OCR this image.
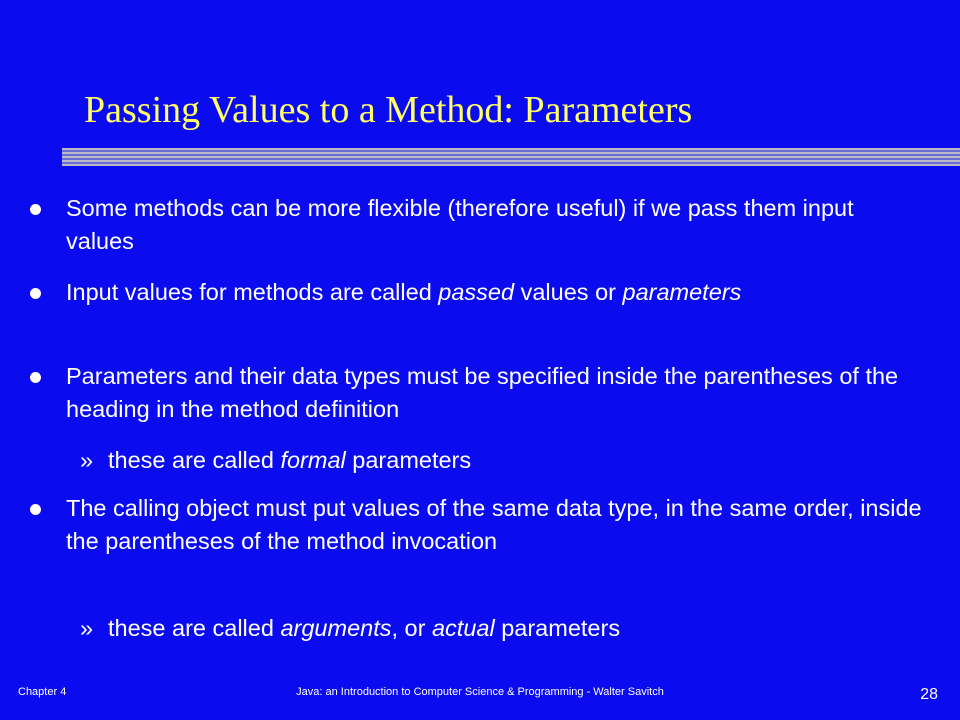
Passing Values to a Method: Parameters
Some methods can be more flexible (therefore useful) if we pass them input values
Input values for methods are called passed values or parameters
Parameters and their data types must be specified inside the parentheses of the heading in the method definition
» these are called formal parameters
The calling object must put values of the same data type, in the same order, inside the parentheses of the method invocation
» these are called arguments, or actual parameters
Chapter 4	Java: an Introduction to Computer Science & Programming - Walter Savitch	28
